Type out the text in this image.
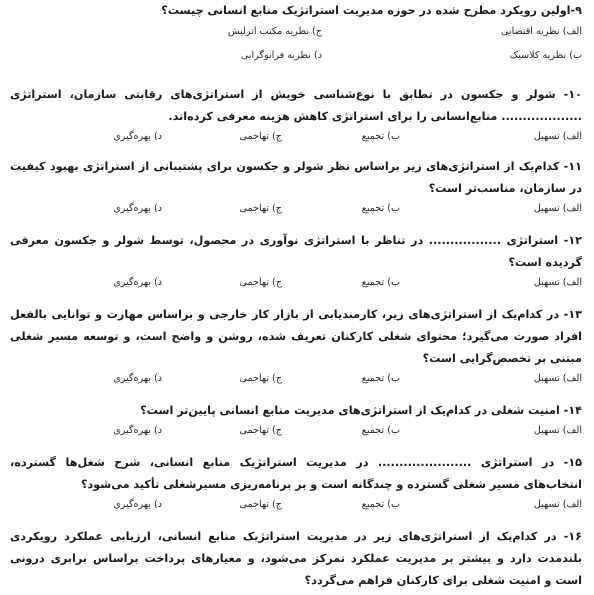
۹-اولین رویکرد مطرح شده در حوزه مدیریت استراتژیک منابع انسانی چیست؟

الف) نظریه اقتضایی
ج) نظریه مکتب اترلیش
ب) نظریه کلاسیک
د) نظریه فرانوگرایی

۱۰- شولر و جکسون در تطابق با نوع‌شناسی خویش از استراتژی‌های رقابتی سازمان، استراتژی ................... منابع‌انسانی را برای استراتژی کاهش هزینه معرفی کرده‌اند.

الف) تسهیل
ب) تجمیع
ج) تهاجمی
د) بهره‌گیری

۱۱- کدام‌یک از استراتژی‌های زیر براساس نظر شولر و جکسون برای پشتیبانی از استراتژی بهبود کیفیت در سازمان، مناسب‌تر است؟

الف) تسهیل
ب) تجمیع
ج) تهاجمی
د) بهره‌گیری

۱۲- استراتژی ................. در تناظر با استراتژی نوآوری در محصول، توسط شولر و جکسون معرفی گردیده است؟

الف) تسهیل
ب) تجمیع
ج) تهاجمی
د) بهره‌گیری

۱۳- در کدام‌یک از استراتژی‌های زیر، کارمندیابی از بازار کار خارجی و براساس مهارت و توانایی بالفعل افراد صورت می‌گیرد؛ محتوای شغلی کارکنان تعریف شده، روشن و واضح است، و توسعه مسیر شغلی مبتنی بر تخصص‌گرایی است؟

الف) تسهیل
ب) تجمیع
ج) تهاجمی
د) بهره‌گیری

۱۴- امنیت شغلی در کدام‌یک از استراتژی‌های مدیریت منابع انسانی پایین‌تر است؟

الف) تسهیل
ب) تجمیع
ج) تهاجمی
د) بهره‌گیری

۱۵- در استراتژی ...................... در مدیریت استراتژیک منابع انسانی، شرح شغل‌ها گسترده، انتخاب‌های مسیر شغلی گسترده و چندگانه است و بر برنامه‌ریزی مسیرشغلی تأکید می‌شود؟

الف) تسهیل
ب) تجمیع
ج) تهاجمی
د) بهره‌گیری

۱۶- در کدام‌یک از استراتژی‌های زیر در مدیریت استراتژیک منابع انسانی، ارزیابی عملکرد رویکردی بلندمدت دارد و بیشتر بر مدیریت عملکرد تمرکز می‌شود، و معیارهای پرداخت براساس برابری درونی است و امنیت شغلی برای کارکنان فراهم می‌گردد؟
